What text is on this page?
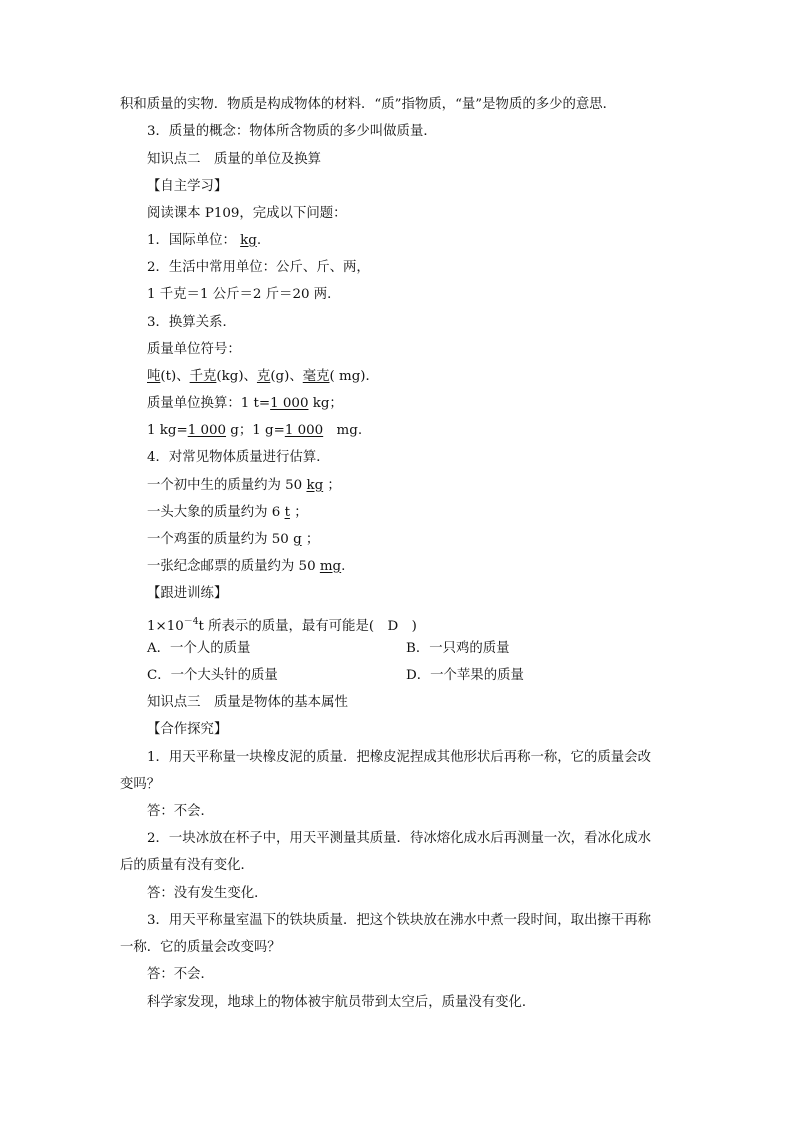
积和质量的实物．物质是构成物体的材料．“质”指物质，“量”是物质的多少的意思．
3．质量的概念：物体所含物质的多少叫做质量．
知识点二　质量的单位及换算
【自主学习】
阅读课本 P109，完成以下问题：
1．国际单位： kg.
2．生活中常用单位：公斤、斤、两，
1 千克＝1 公斤＝2 斤＝20 两．
3．换算关系．
质量单位符号：
吨(t)、千克(kg)、克(g)、毫克( mg)．
质量单位换算：1 t=1 000 kg；
1 kg=1 000 g；1 g=1 000　mg.
4．对常见物体质量进行估算．
一个初中生的质量约为 50 kg ；
一头大象的质量约为 6 t ；
一个鸡蛋的质量约为 50 g ；
一张纪念邮票的质量约为 50 mg.
【跟进训练】
$1\times 10^{-4}t$ 所表示的质量，最有可能是(　D　)
A．一个人的质量	B．一只鸡的质量
C．一个大头针的质量	D．一个苹果的质量
知识点三　质量是物体的基本属性
【合作探究】
1．用天平称量一块橡皮泥的质量．把橡皮泥捏成其他形状后再称一称，它的质量会改
变吗？
答：不会．
2．一块冰放在杯子中，用天平测量其质量．待冰熔化成水后再测量一次，看冰化成水
后的质量有没有变化．
答：没有发生变化．
3．用天平称量室温下的铁块质量．把这个铁块放在沸水中煮一段时间，取出擦干再称
一称．它的质量会改变吗？
答：不会．
科学家发现，地球上的物体被宇航员带到太空后，质量没有变化．
